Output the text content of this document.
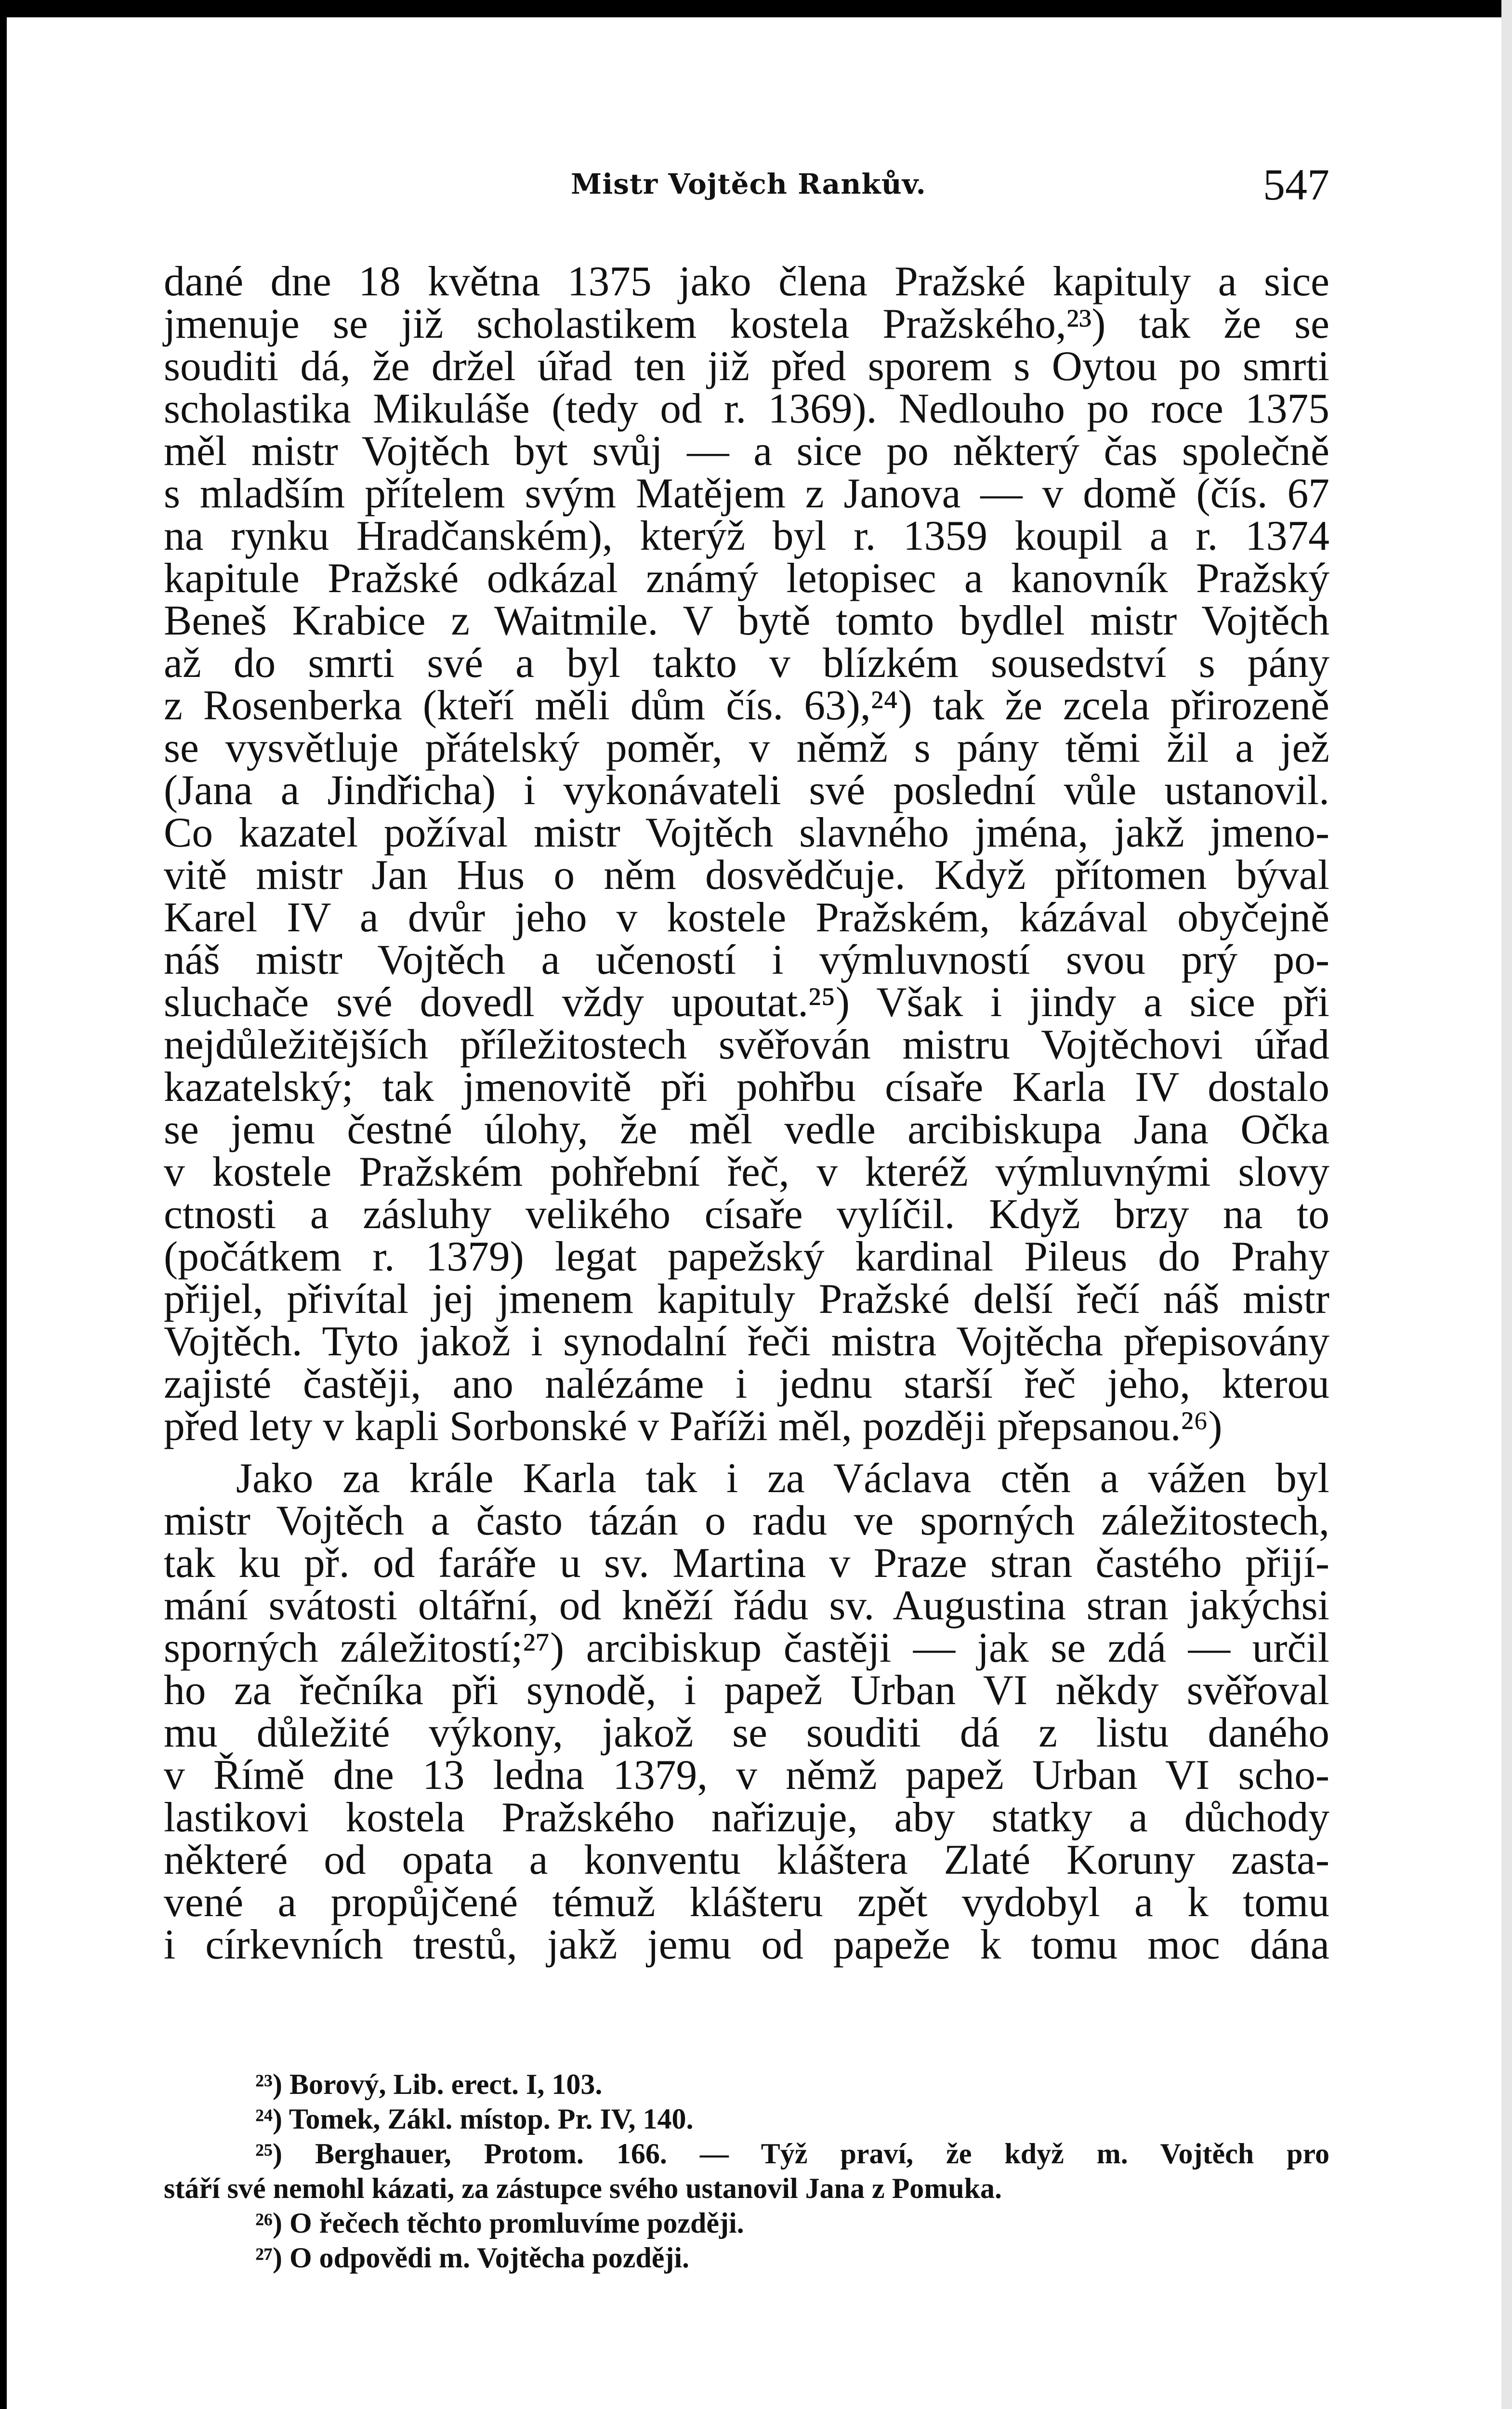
Mistr Vojtěch Rankův.	547
dané dne 18 května 1375 jako člena Pražské kapituly a sice
jmenuje se již scholastikem kostela Pražského,²³) tak že se
souditi dá, že držel úřad ten již před sporem s Oytou po smrti
scholastika Mikuláše (tedy od r. 1369). Nedlouho po roce 1375
měl mistr Vojtěch byt svůj — a sice po některý čas společně
s mladším přítelem svým Matějem z Janova — v domě (čís. 67
na rynku Hradčanském), kterýž byl r. 1359 koupil a r. 1374
kapitule Pražské odkázal známý letopisec a kanovník Pražský
Beneš Krabice z Waitmile. V bytě tomto bydlel mistr Vojtěch
až do smrti své a byl takto v blízkém sousedství s pány
z Rosenberka (kteří měli dům čís. 63),²⁴) tak že zcela přirozeně
se vysvětluje přátelský poměr, v němž s pány těmi žil a jež
(Jana a Jindřicha) i vykonávateli své poslední vůle ustanovil.
Co kazatel požíval mistr Vojtěch slavného jména, jakž jmeno-
vitě mistr Jan Hus o něm dosvědčuje. Když přítomen býval
Karel IV a dvůr jeho v kostele Pražském, kázával obyčejně
náš mistr Vojtěch a učeností i výmluvností svou prý po-
sluchače své dovedl vždy upoutat.²⁵) Však i jindy a sice při
nejdůležitějších příležitostech svěřován mistru Vojtěchovi úřad
kazatelský; tak jmenovitě při pohřbu císaře Karla IV dostalo
se jemu čestné úlohy, že měl vedle arcibiskupa Jana Očka
v kostele Pražském pohřební řeč, v kteréž výmluvnými slovy
ctnosti a zásluhy velikého císaře vylíčil. Když brzy na to
(počátkem r. 1379) legat papežský kardinal Pileus do Prahy
přijel, přivítal jej jmenem kapituly Pražské delší řečí náš mistr
Vojtěch. Tyto jakož i synodalní řeči mistra Vojtěcha přepisovány
zajisté častěji, ano nalézáme i jednu starší řeč jeho, kterou
před lety v kapli Sorbonské v Paříži měl, později přepsanou.²⁶)
Jako za krále Karla tak i za Václava ctěn a vážen byl
mistr Vojtěch a často tázán o radu ve sporných záležitostech,
tak ku př. od faráře u sv. Martina v Praze stran častého přijí-
mání svátosti oltářní, od kněží řádu sv. Augustina stran jakýchsi
sporných záležitostí;²⁷) arcibiskup častěji — jak se zdá — určil
ho za řečníka při synodě, i papež Urban VI někdy svěřoval
mu důležité výkony, jakož se souditi dá z listu daného
v Římě dne 13 ledna 1379, v němž papež Urban VI scho-
lastikovi kostela Pražského nařizuje, aby statky a důchody
některé od opata a konventu kláštera Zlaté Koruny zasta-
vené a propůjčené témuž klášteru zpět vydobyl a k tomu
i církevních trestů, jakž jemu od papeže k tomu moc dána
²³) Borový, Lib. erect. I, 103.
²⁴) Tomek, Zákl. místop. Pr. IV, 140.
²⁵) Berghauer, Protom. 166. — Týž praví, že když m. Vojtěch pro
stáří své nemohl kázati, za zástupce svého ustanovil Jana z Pomuka.
²⁶) O řečech těchto promluvíme později.
²⁷) O odpovědi m. Vojtěcha později.
